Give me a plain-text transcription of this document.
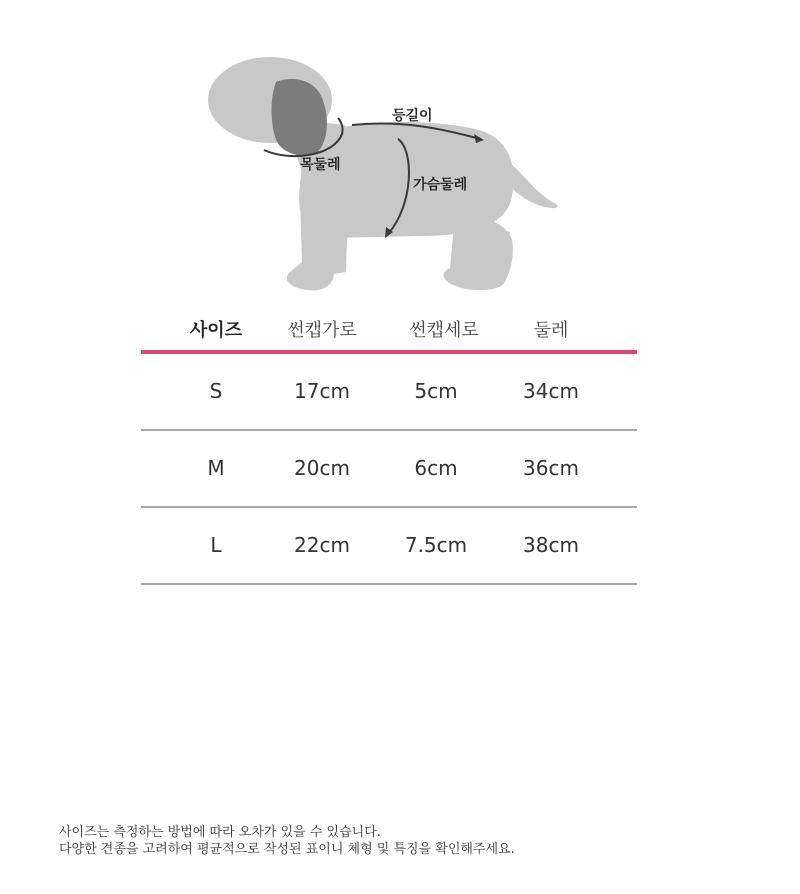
등길이
목둘레
가슴둘레
사이즈	썬캡가로	썬캡세로	둘레
S	17cm	5cm	34cm
M	20cm	6cm	36cm
L	22cm	7.5cm	38cm
사이즈는 측정하는 방법에 따라 오차가 있을 수 있습니다.
다양한 견종을 고려하여 평균적으로 작성된 표이니 체형 및 특징을 확인해주세요.
